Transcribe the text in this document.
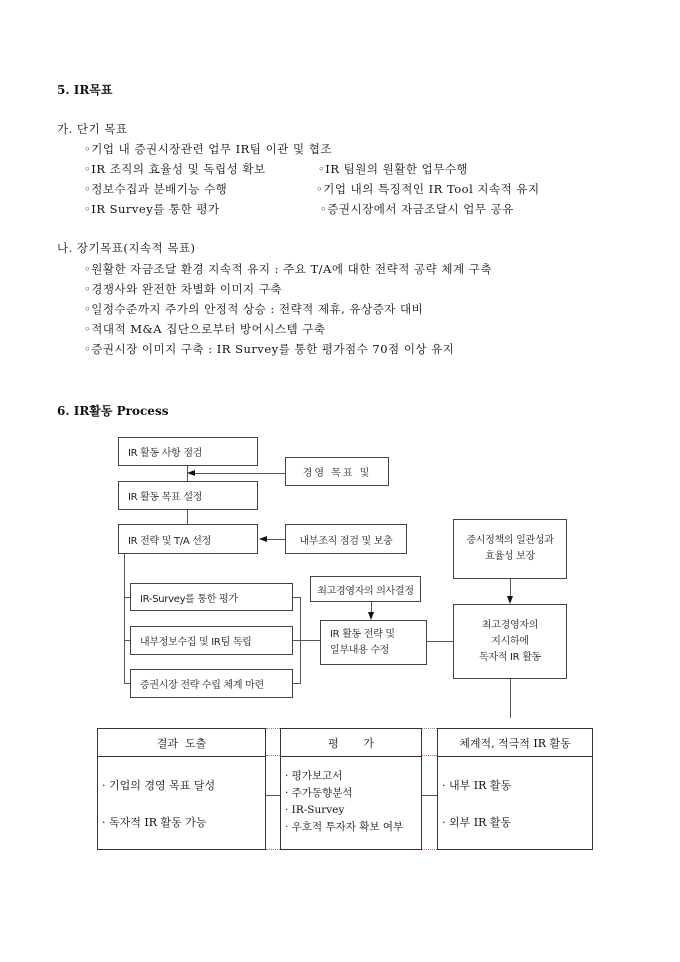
5. IR목표
가. 단기 목표
◦기업 내 증권시장관련 업무 IR팀 이관 및 협조
◦IR 조직의 효율성 및 독립성 확보
◦정보수집과 분배기능 수행
◦IR Survey를 통한 평가
◦IR 팀원의 원활한 업무수행
◦기업 내의 특징적인 IR Tool 지속적 유지
◦증권시장에서 자금조달시 업무 공유
나. 장기목표(지속적 목표)
◦원활한 자금조달 환경 지속적 유지 : 주요 T/A에 대한 전략적 공략 체계 구축
◦경쟁사와 완전한 차별화 이미지 구축
◦일정수준까지 주가의 안정적 상승 : 전략적 제휴, 유상증자 대비
◦적대적 M&A 집단으로부터 방어시스템 구축
◦증권시장 이미지 구축 : IR Survey를 통한 평가점수 70점 이상 유지
6. IR활동 Process
IR 활동 사항 점검
경영 목표 및
IR 활동 목표 설정
IR 전략 및 T/A 선정	내부조직 점검 및 보충	증시정책의 일관성과
효율성 보장
최고경영자의 의사결정
IR-Survey를 통한 평가
내부정보수집 및 IR팀 독립
증권시장 전략 수립 체계 마련
IR 활동 전략 및
일부내용 수정
최고경영자의
지시하에
독자적 IR 활동
결과  도출
· 기업의 경영 목표 달성
· 독자적 IR 활동 가능
평       가
· 평가보고서
· 주가동향분석
· IR-Survey
· 우호적 투자자 확보 여부
체계적, 적극적 IR 활동
· 내부 IR 활동
· 외부 IR 활동
